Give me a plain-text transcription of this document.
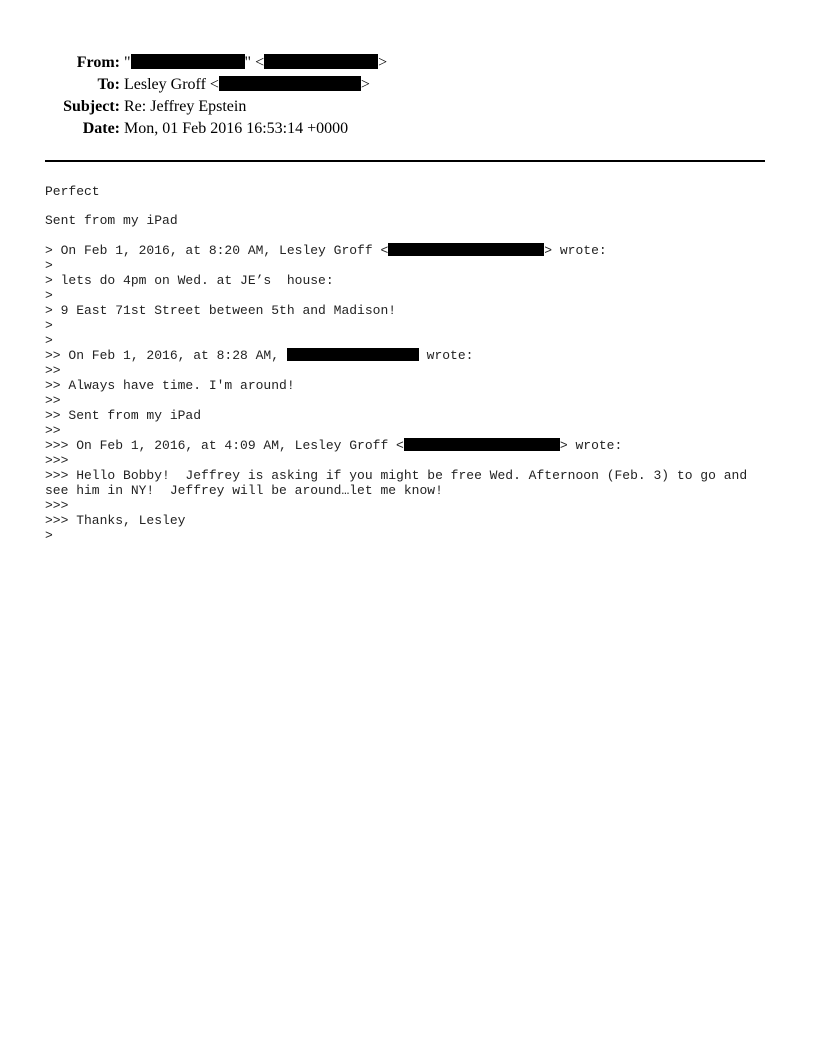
From: "	" <	>
To: Lesley Groff <	>
Subject: Re: Jeffrey Epstein
Date: Mon, 01 Feb 2016 16:53:14 +0000
Perfect
Sent from my iPad
> On Feb 1, 2016, at 8:20 AM, Lesley Groff <	> wrote:
>
> lets do 4pm on Wed. at JE’s  house:
>
> 9 East 71st Street between 5th and Madison!
>
>
>> On Feb 1, 2016, at 8:28 AM,	wrote:
>>
>> Always have time. I'm around!
>>
>> Sent from my iPad
>>
>>> On Feb 1, 2016, at 4:09 AM, Lesley Groff <	> wrote:
>>>
>>> Hello Bobby!  Jeffrey is asking if you might be free Wed. Afternoon (Feb. 3) to go and see him in NY!  Jeffrey will be around…let me know!
>>>
>>> Thanks, Lesley
>
